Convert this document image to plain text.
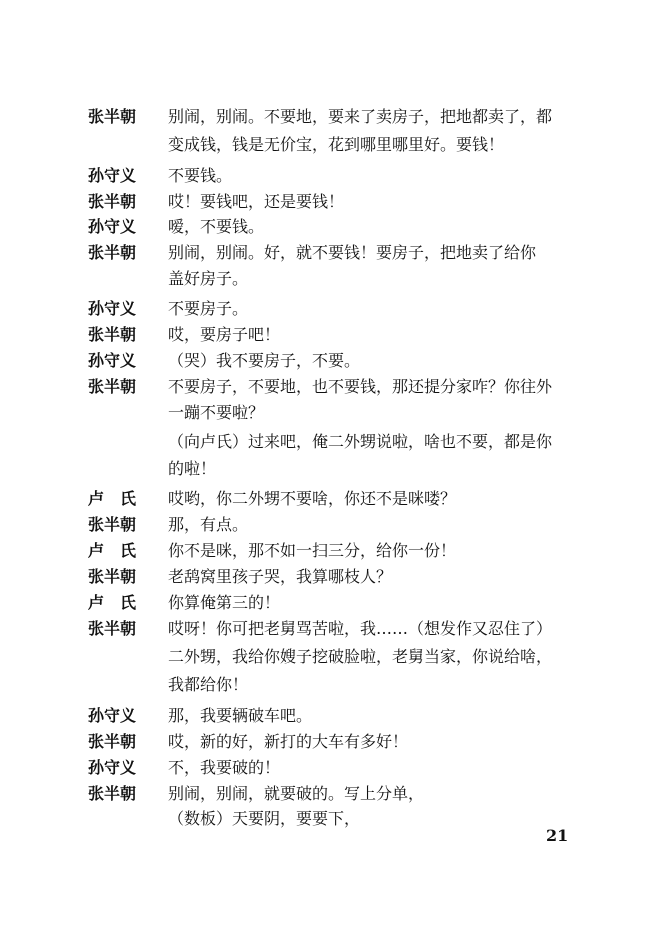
张半朝 别闹，别闹。不要地，要来了卖房子，把地都卖了，都
变成钱，钱是无价宝，花到哪里哪里好。要钱！
孙守义 不要钱。
张半朝 哎！要钱吧，还是要钱！
孙守义 嗳，不要钱。
张半朝 别闹，别闹。好，就不要钱！要房子，把地卖了给你
盖好房子。
孙守义 不要房子。
张半朝 哎，要房子吧！
孙守义 （哭）我不要房子，不要。
张半朝 不要房子，不要地，也不要钱，那还提分家咋？你往外
一蹦不要啦？
（向卢氏）过来吧，俺二外甥说啦，啥也不要，都是你
的啦！
卢　氏 哎哟，你二外甥不要啥，你还不是咪喽？
张半朝 那，有点。
卢　氏 你不是咪，那不如一扫三分，给你一份！
张半朝 老鸹窝里孩子哭，我算哪枝人？
卢　氏 你算俺第三的！
张半朝 哎呀！你可把老舅骂苦啦，我……（想发作又忍住了）
二外甥，我给你嫂子挖破脸啦，老舅当家，你说给啥，
我都给你！
孙守义 那，我要辆破车吧。
张半朝 哎，新的好，新打的大车有多好！
孙守义 不，我要破的！
张半朝 别闹，别闹，就要破的。写上分单，
（数板）天要阴，要要下，
21
